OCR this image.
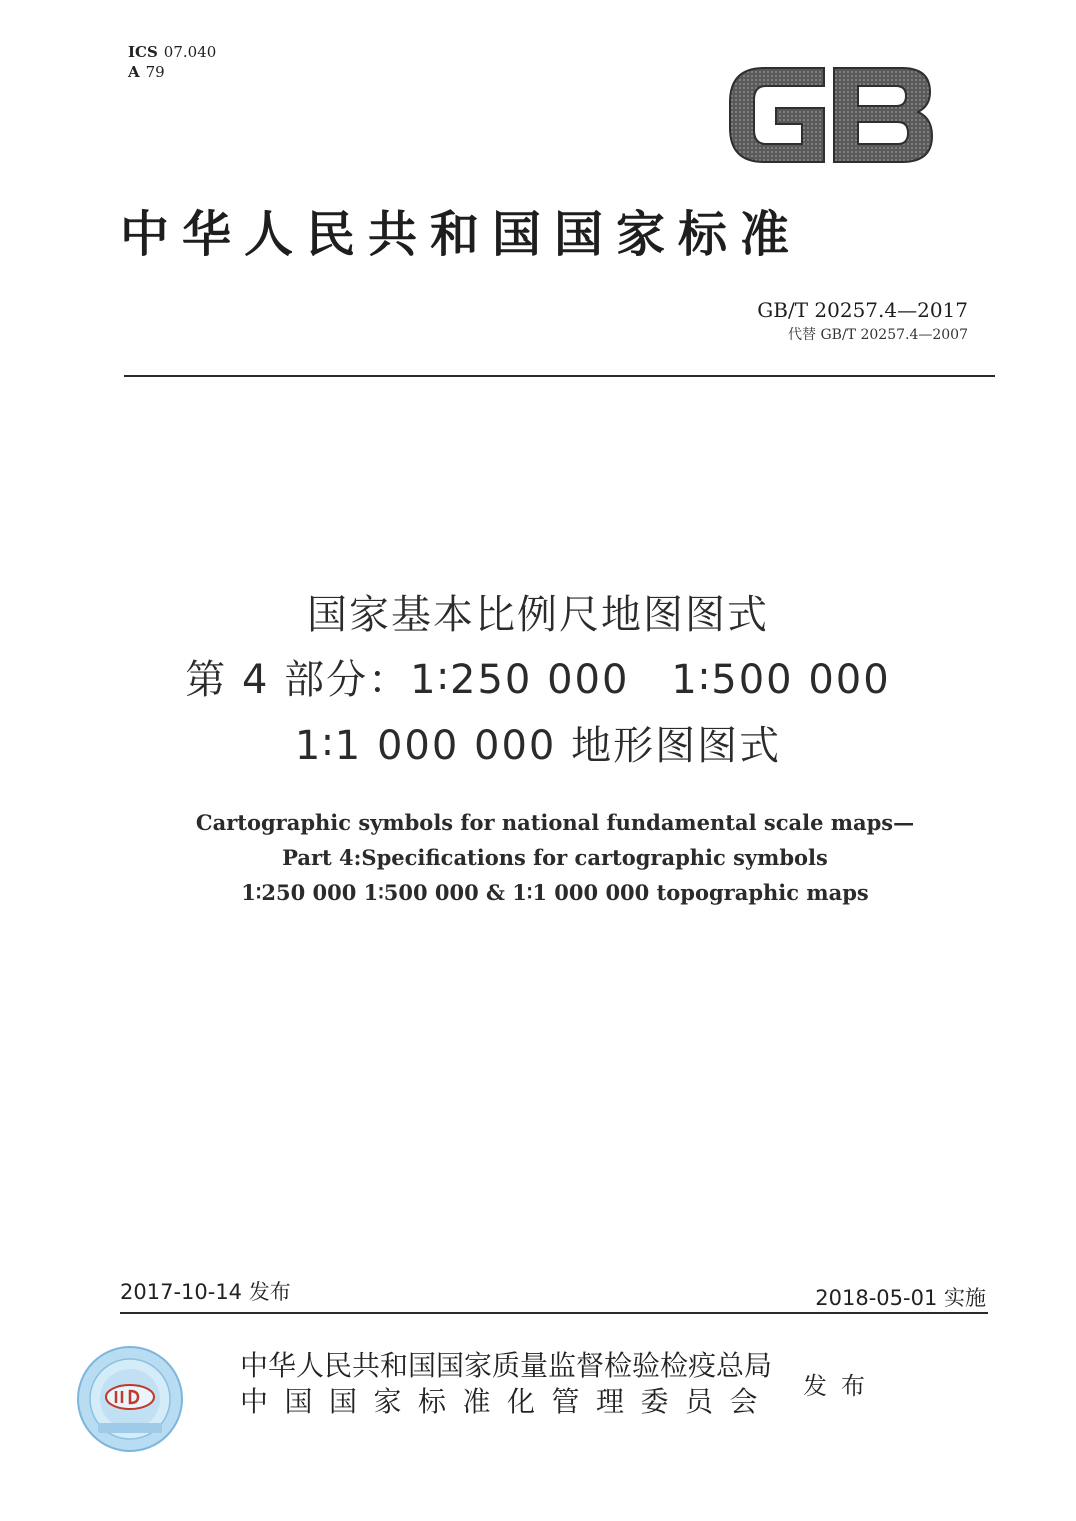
ICS 07.040
A 79
GB
中华人民共和国国家标准
GB/T 20257.4—2017
代替 GB/T 20257.4—2007
国家基本比例尺地图图式
第 4 部分：1∶250 000　1∶500 000
1∶1 000 000 地形图图式
Cartographic symbols for national fundamental scale maps—
Part 4:Specifications for cartographic symbols
1∶250 000 1∶500 000 & 1∶1 000 000 topographic maps
2017-10-14 发布	2018-05-01 实施
中华人民共和国国家质量监督检验检疫总局
中国国家标准化管理委员会 发布
